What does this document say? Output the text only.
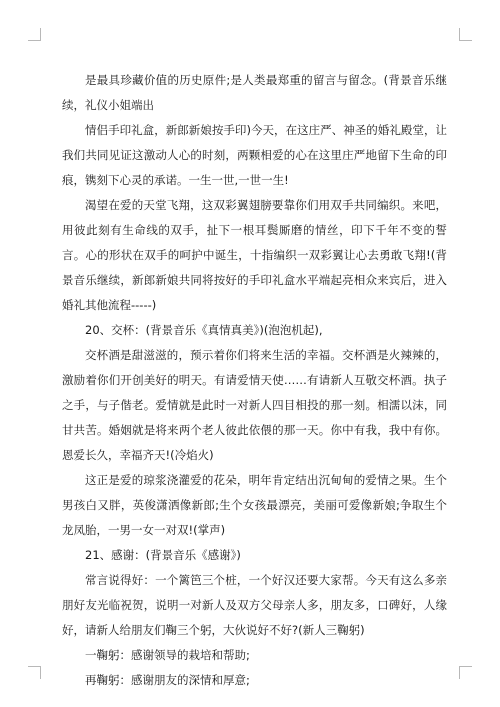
是最具珍藏价值的历史原件;是人类最郑重的留言与留念。(背景音乐继续，礼仪小姐端出

情侣手印礼盒，新郎新娘按手印)今天，在这庄严、神圣的婚礼殿堂，让我们共同见证这激动人心的时刻，两颗相爱的心在这里庄严地留下生命的印痕，镌刻下心灵的承诺。一生一世,一世一生!

渴望在爱的天堂飞翔，这双彩翼翅膀要靠你们用双手共同编织。来吧，用彼此刻有生命线的双手，扯下一根耳鬓厮磨的情丝，印下千年不变的誓言。心的形状在双手的呵护中诞生，十指编织一双彩翼让心去勇敢飞翔!(背景音乐继续，新郎新娘共同将按好的手印礼盒水平端起亮相众来宾后，进入婚礼其他流程-----)

20、交杯：(背景音乐《真情真美》)(泡泡机起),

交杯酒是甜滋滋的，预示着你们将来生活的幸福。交杯酒是火辣辣的，激励着你们开创美好的明天。有请爱情天使……有请新人互敬交杯酒。执子之手，与子偕老。爱情就是此时一对新人四目相投的那一刻。相濡以沫，同甘共苦。婚姻就是将来两个老人彼此依偎的那一天。你中有我，我中有你。恩爱长久，幸福齐天!(冷焰火)

这正是爱的琼浆浇灌爱的花朵，明年肯定结出沉甸甸的爱情之果。生个男孩白又胖，英俊潇洒像新郎;生个女孩最漂亮，美丽可爱像新娘;争取生个龙凤胎，一男一女一对双!(掌声)

21、感谢：(背景音乐《感谢》)

常言说得好：一个篱笆三个桩，一个好汉还要大家帮。今天有这么多亲朋好友光临祝贺，说明一对新人及双方父母亲人多，朋友多，口碑好，人缘好，请新人给朋友们鞠三个躬，大伙说好不好?(新人三鞠躬)

一鞠躬：感谢领导的栽培和帮助;

再鞠躬：感谢朋友的深情和厚意;
